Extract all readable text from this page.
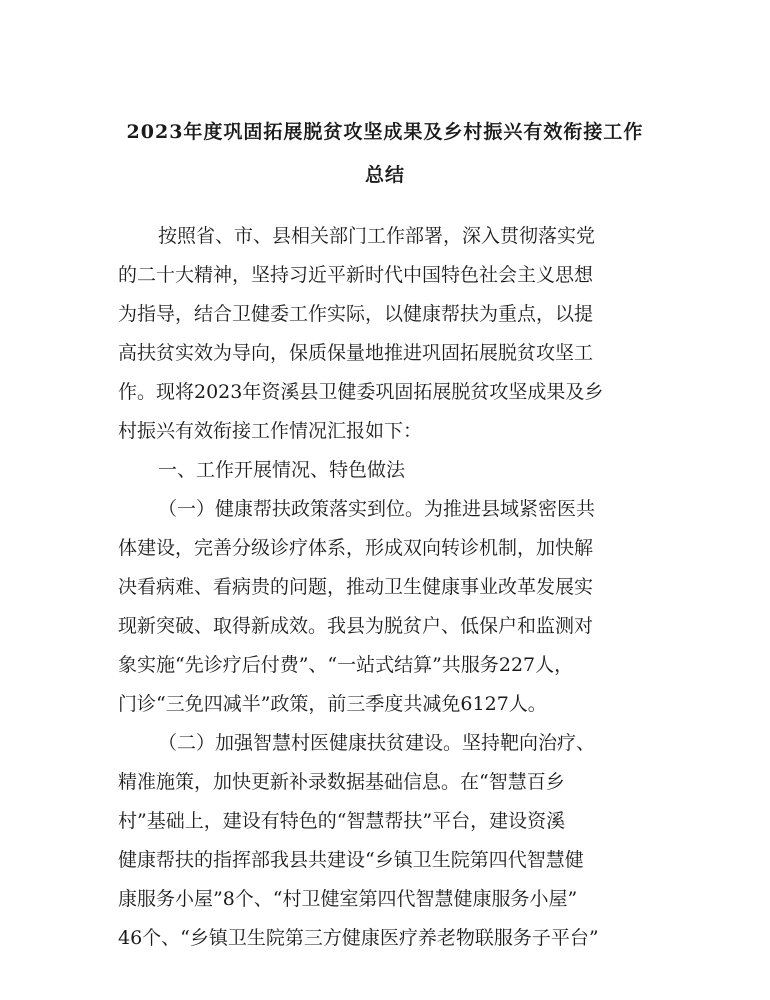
2023年度巩固拓展脱贫攻坚成果及乡村振兴有效衔接工作
总结
按照省、市、县相关部门工作部署，深入贯彻落实党
的二十大精神，坚持习近平新时代中国特色社会主义思想
为指导，结合卫健委工作实际，以健康帮扶为重点，以提
高扶贫实效为导向，保质保量地推进巩固拓展脱贫攻坚工
作。现将2023年资溪县卫健委巩固拓展脱贫攻坚成果及乡
村振兴有效衔接工作情况汇报如下：
一、工作开展情况、特色做法
（一）健康帮扶政策落实到位。为推进县域紧密医共
体建设，完善分级诊疗体系，形成双向转诊机制，加快解
决看病难、看病贵的问题，推动卫生健康事业改革发展实
现新突破、取得新成效。我县为脱贫户、低保户和监测对
象实施“先诊疗后付费”、“一站式结算”共服务227人，
门诊“三免四减半”政策，前三季度共减免6127人。
（二）加强智慧村医健康扶贫建设。坚持靶向治疗、
精准施策，加快更新补录数据基础信息。在“智慧百乡
村”基础上，建设有特色的“智慧帮扶”平台，建设资溪
健康帮扶的指挥部我县共建设“乡镇卫生院第四代智慧健
康服务小屋”8个、“村卫健室第四代智慧健康服务小屋”
46个、“乡镇卫生院第三方健康医疗养老物联服务子平台”
